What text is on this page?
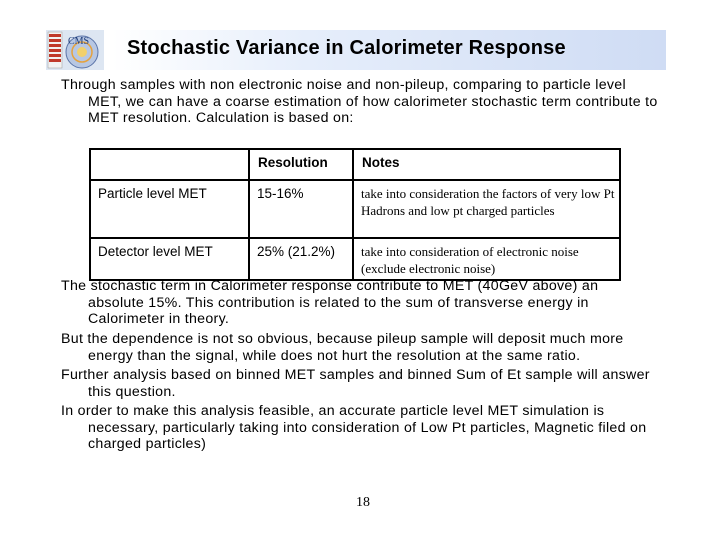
CMS Stochastic Variance in Calorimeter Response
Through samples with non electronic noise and non-pileup, comparing to particle level
MET, we can have a coarse estimation of how calorimeter stochastic term contribute to MET resolution. Calculation is based on:
	Resolution	Notes
Particle level MET	15-16%	take into consideration the factors of very low Pt Hadrons and low pt charged particles
Detector level MET	25% (21.2%)	take into consideration of electronic noise (exclude electronic noise)
The stochastic term in Calorimeter response contribute to MET (40GeV above) an
absolute 15%. This contribution is related to the sum of transverse energy in Calorimeter in theory.
But the dependence is not so obvious, because pileup sample will deposit much more
energy than the signal, while does not hurt the resolution at the same ratio.
Further analysis based on binned MET samples and binned Sum of Et sample will answer
this question.
In order to make this analysis feasible, an accurate particle level MET simulation is
necessary, particularly taking into consideration of Low Pt particles, Magnetic filed on charged particles)
18
